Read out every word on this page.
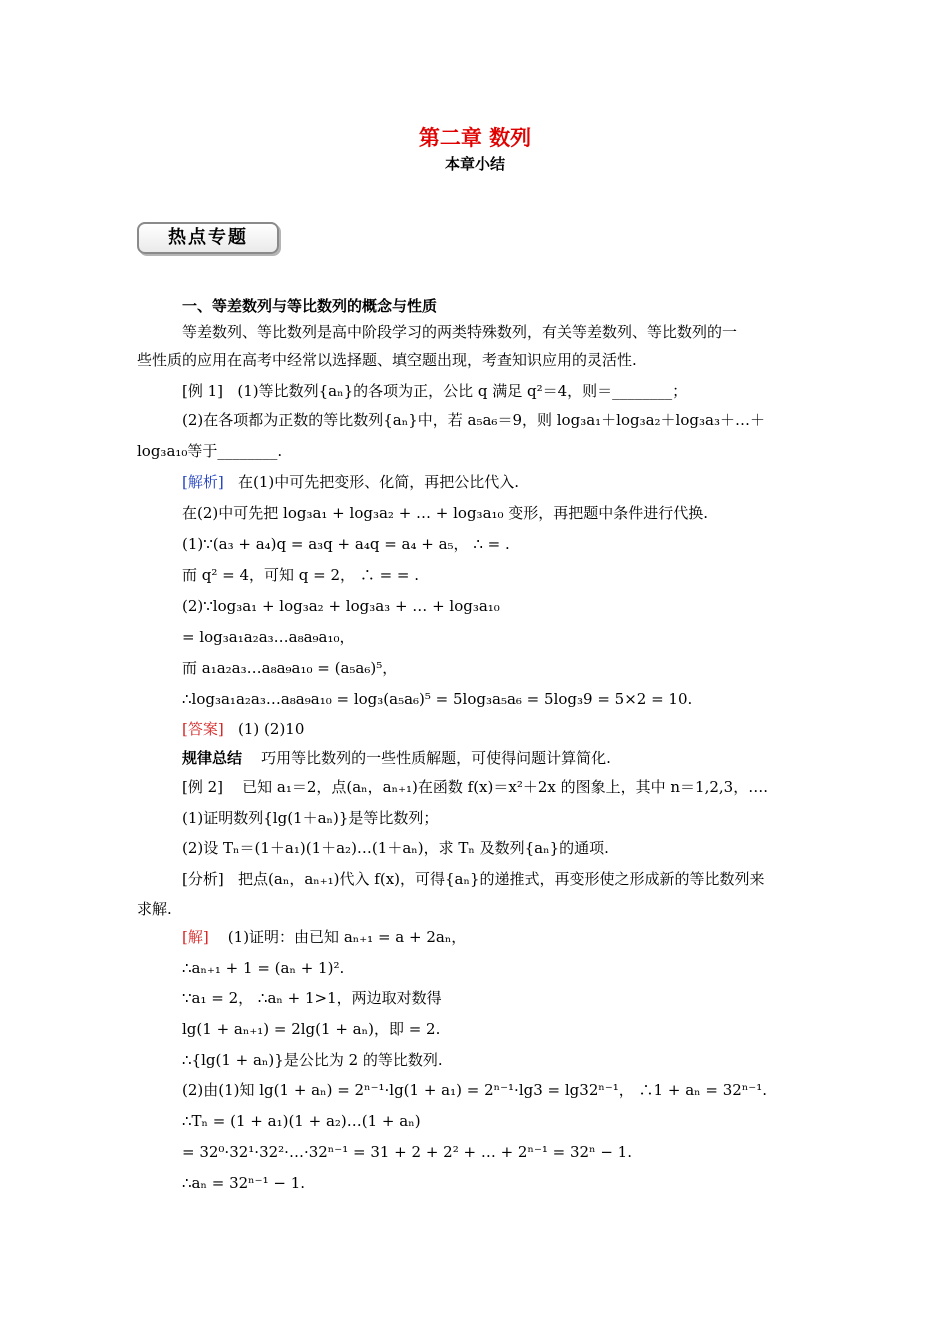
第二章 数列
本章小结
热点专题
一、等差数列与等比数列的概念与性质
等差数列、等比数列是高中阶段学习的两类特殊数列，有关等差数列、等比数列的一
些性质的应用在高考中经常以选择题、填空题出现，考查知识应用的灵活性.
[例 1] (1)等比数列{aₙ}的各项为正，公比 q 满足 q²＝4，则＝________；
(2)在各项都为正数的等比数列{aₙ}中，若 a₅a₆＝9，则 log₃a₁＋log₃a₂＋log₃a₃＋…＋
log₃a₁₀等于________.
[解析] 在(1)中可先把变形、化简，再把公比代入.
在(2)中可先把 log₃a₁ + log₃a₂ + … + log₃a₁₀ 变形，再把题中条件进行代换.
(1)∵(a₃ + a₄)q = a₃q + a₄q = a₄ + a₅， ∴ = .
而 q² = 4，可知 q = 2， ∴ = = .
(2)∵log₃a₁ + log₃a₂ + log₃a₃ + … + log₃a₁₀
= log₃a₁a₂a₃…a₈a₉a₁₀，
而 a₁a₂a₃…a₈a₉a₁₀ = (a₅a₆)⁵，
∴log₃a₁a₂a₃…a₈a₉a₁₀ = log₃(a₅a₆)⁵ = 5log₃a₅a₆ = 5log₃9 = 5×2 = 10.
[答案] (1) (2)10
规律总结 巧用等比数列的一些性质解题，可使得问题计算简化.
[例 2] 已知 a₁＝2，点(aₙ，aₙ₊₁)在函数 f(x)＝x²＋2x 的图象上，其中 n＝1,2,3，….
(1)证明数列{lg(1＋aₙ)}是等比数列；
(2)设 Tₙ＝(1＋a₁)(1＋a₂)…(1＋aₙ)，求 Tₙ 及数列{aₙ}的通项.
[分析] 把点(aₙ，aₙ₊₁)代入 f(x)，可得{aₙ}的递推式，再变形使之形成新的等比数列来
求解.
[解] (1)证明：由已知 aₙ₊₁ = a + 2aₙ，
∴aₙ₊₁ + 1 = (aₙ + 1)².
∵a₁ = 2， ∴aₙ + 1>1，两边取对数得
lg(1 + aₙ₊₁) = 2lg(1 + aₙ)，即 = 2.
∴{lg(1 + aₙ)}是公比为 2 的等比数列.
(2)由(1)知 lg(1 + aₙ) = 2ⁿ⁻¹·lg(1 + a₁) = 2ⁿ⁻¹·lg3 = lg32ⁿ⁻¹， ∴1 + aₙ = 32ⁿ⁻¹.
∴Tₙ = (1 + a₁)(1 + a₂)…(1 + aₙ)
= 32⁰·32¹·32²·…·32ⁿ⁻¹ = 31 + 2 + 2² + … + 2ⁿ⁻¹ = 32ⁿ − 1.
∴aₙ = 32ⁿ⁻¹ − 1.
